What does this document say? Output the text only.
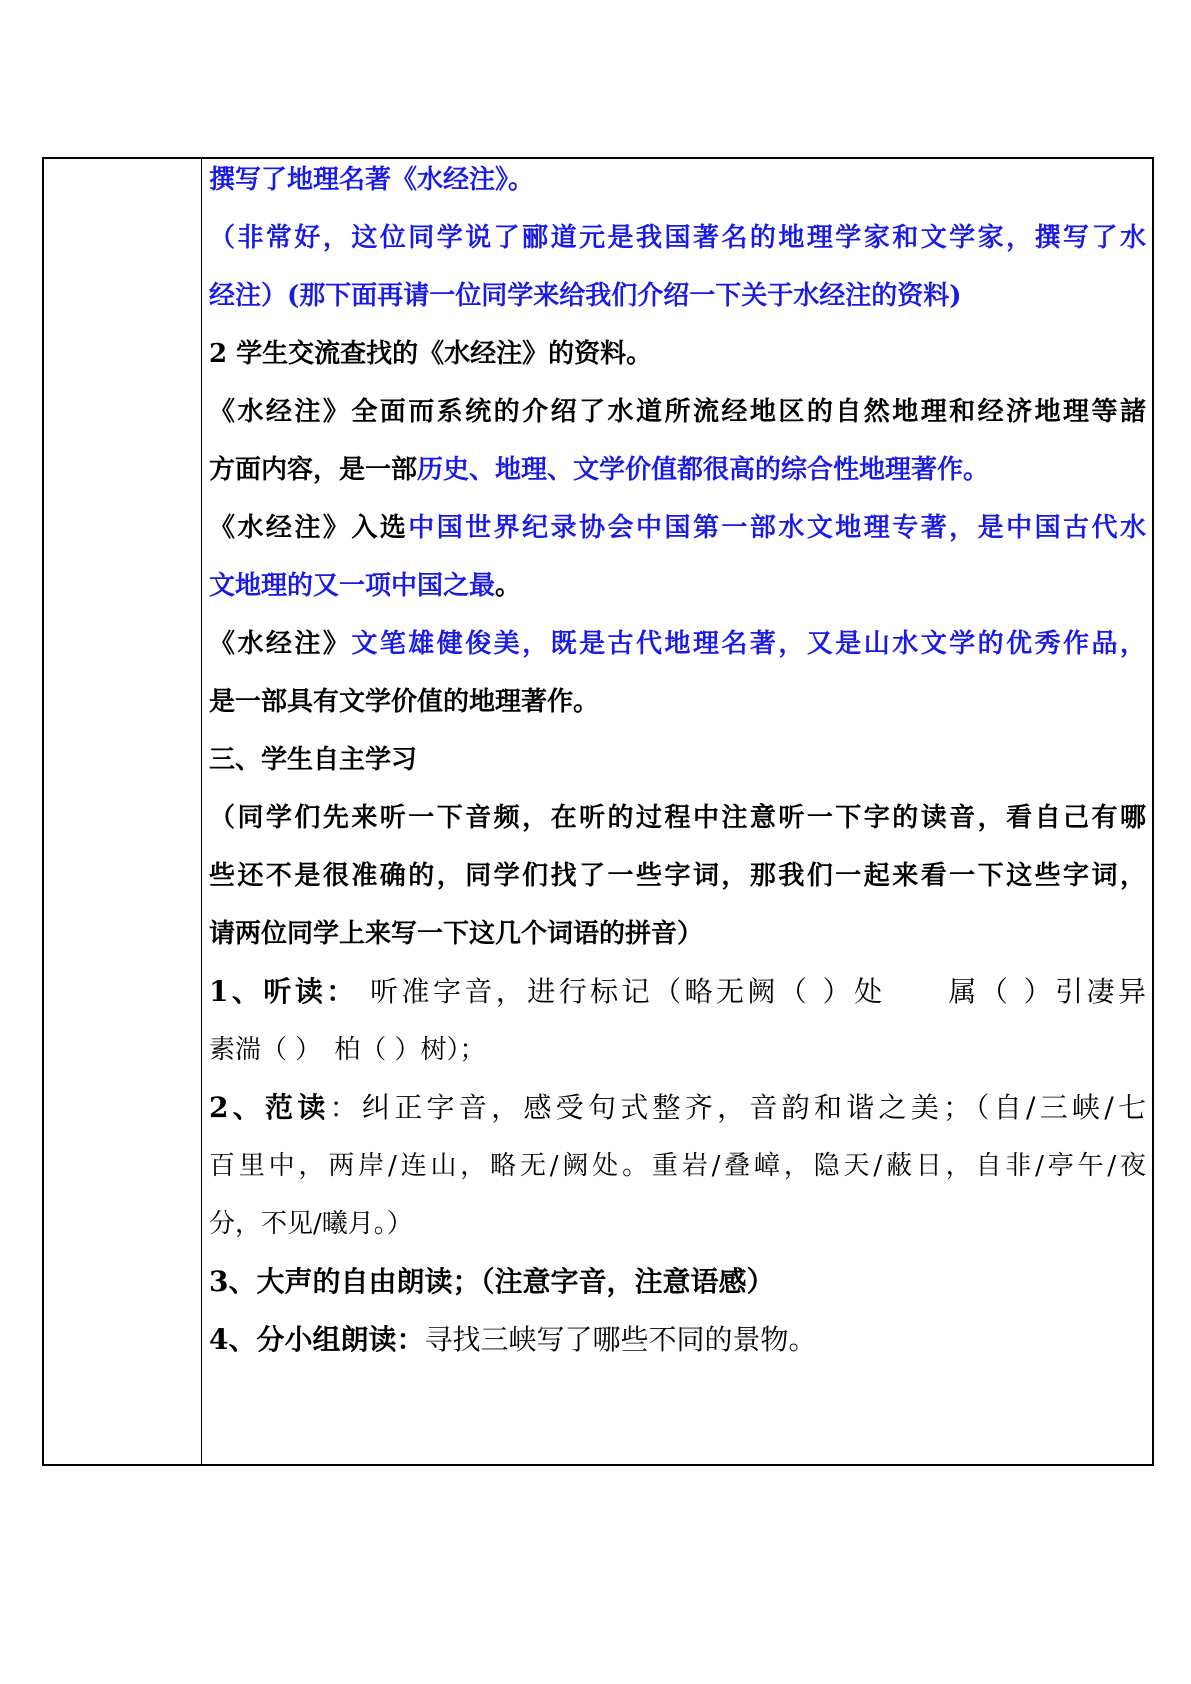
撰写了地理名著《水经注》。
（非常好，这位同学说了郦道元是我国著名的地理学家和文学家，撰写了水
经注）(那下面再请一位同学来给我们介绍一下关于水经注的资料)
2 学生交流查找的《水经注》的资料。
《水经注》全面而系统的介绍了水道所流经地区的自然地理和经济地理等諸
方面内容，是一部历史、地理、文学价值都很高的综合性地理著作。
《水经注》入选中国世界纪录协会中国第一部水文地理专著，是中国古代水
文地理的又一项中国之最。
《水经注》文笔雄健俊美，既是古代地理名著，又是山水文学的优秀作品，
是一部具有文学价值的地理著作。
三、学生自主学习
（同学们先来听一下音频，在听的过程中注意听一下字的读音，看自己有哪
些还不是很准确的，同学们找了一些字词，那我们一起来看一下这些字词，
请两位同学上来写一下这几个词语的拼音）
1、听读： 听准字音，进行标记（略无阙（ ）处　　属（ ）引凄异
素湍（ ）　柏（ ）树）；
2、范读：纠正字音，感受句式整齐，音韵和谐之美；（自/三峡/七
百里中，两岸/连山，略无/阙处。重岩/叠嶂，隐天/蔽日，自非/亭午/夜
分，不见/曦月。）
3、大声的自由朗读；（注意字音，注意语感）
4、分小组朗读：寻找三峡写了哪些不同的景物。
